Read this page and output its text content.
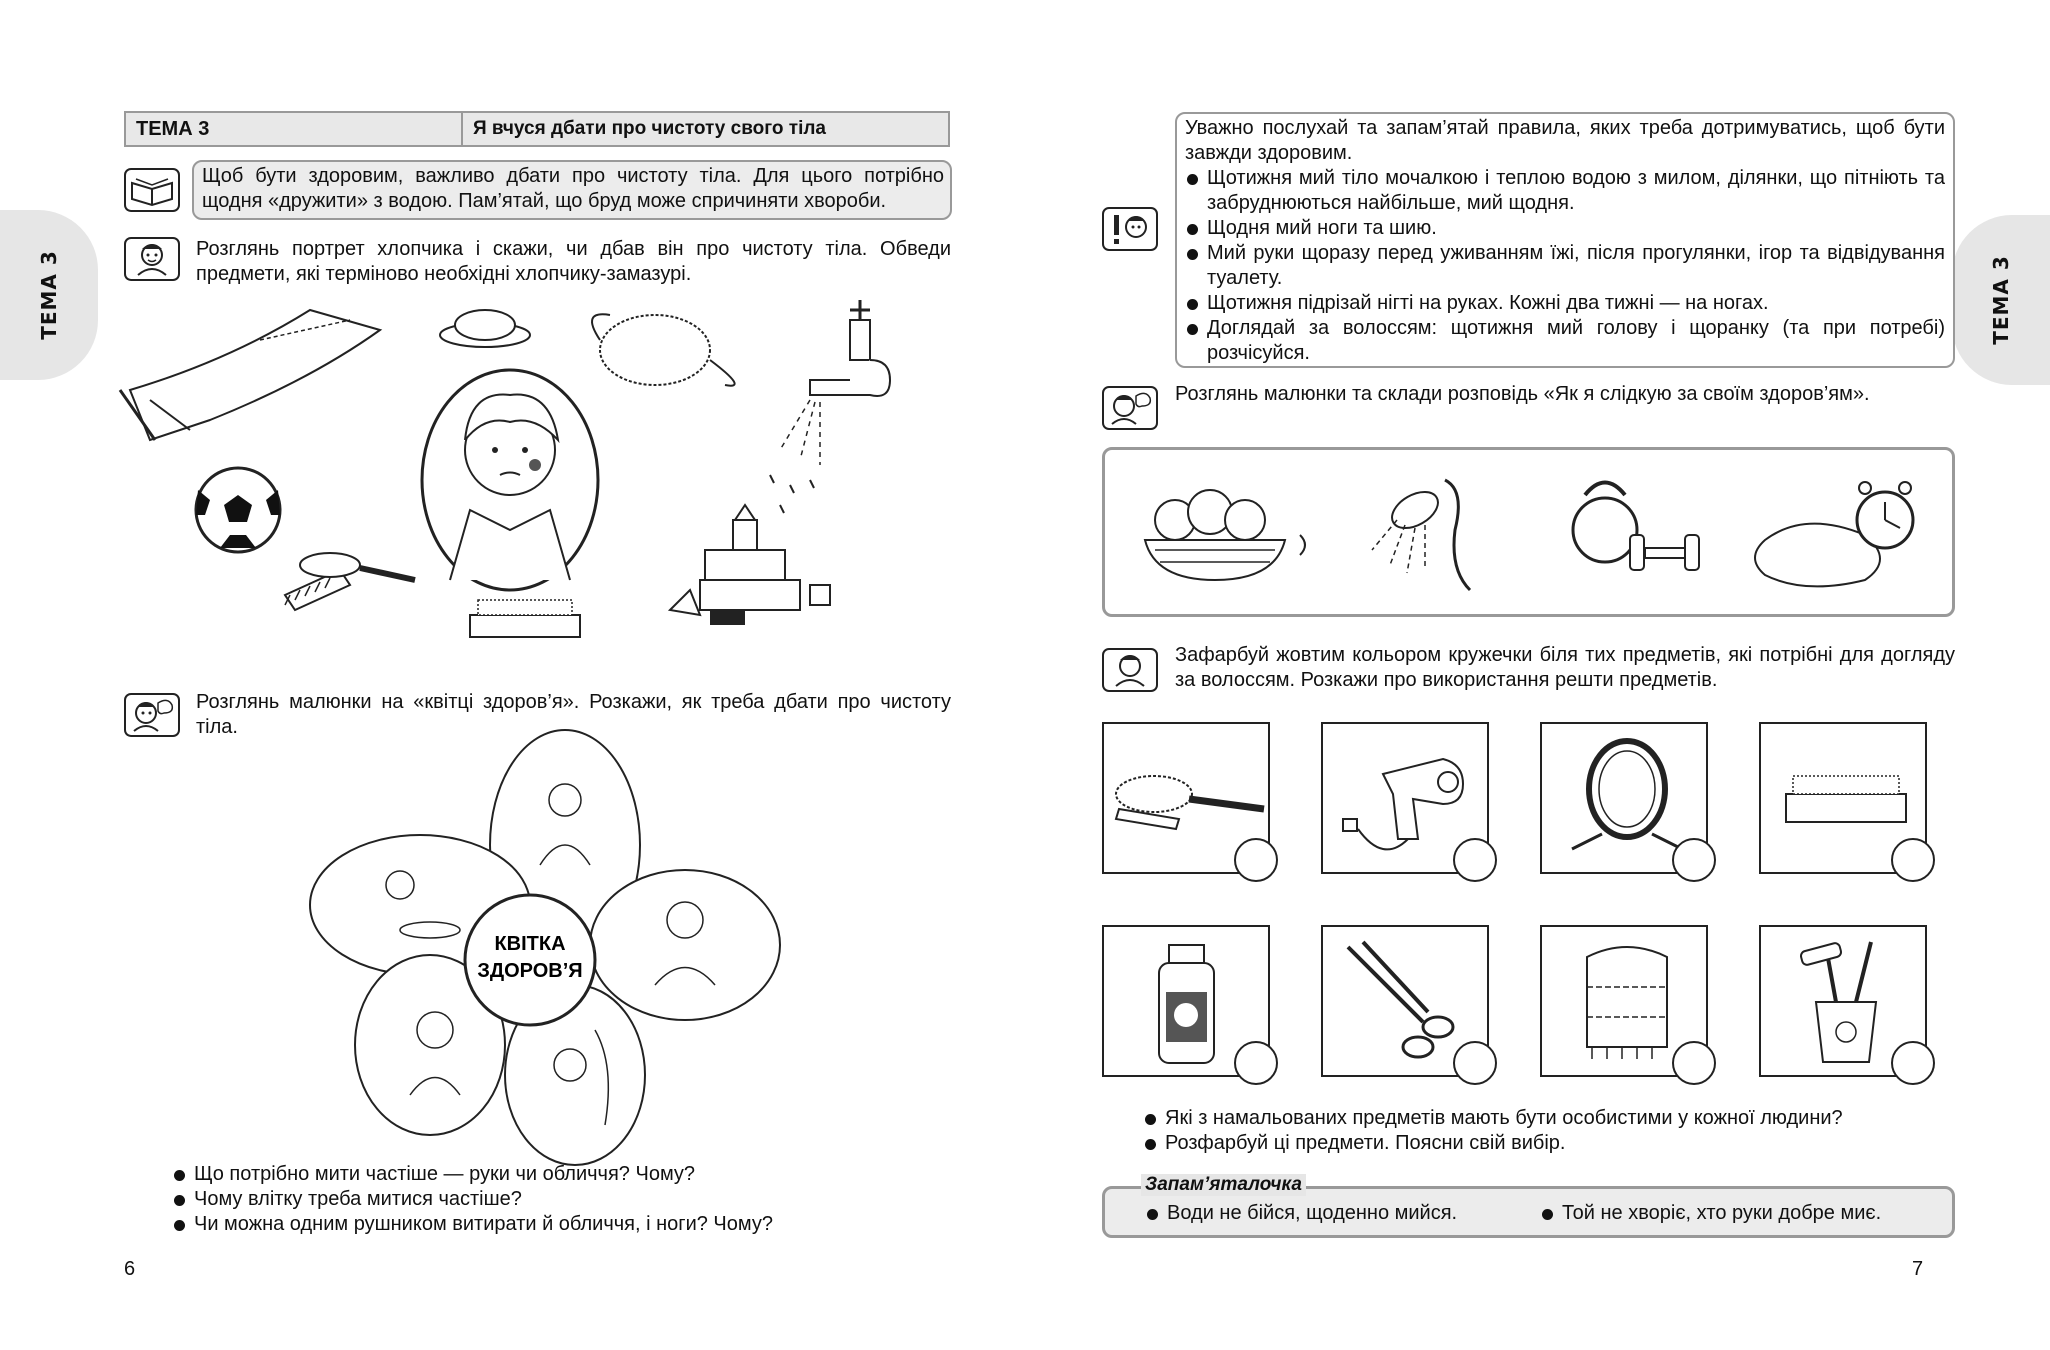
ТЕМА 3
ТЕМА 3	Я вчуся дбати про чистоту свого тіла
Щоб бути здоровим, важливо дбати про чистоту тіла. Для цього потрібно щодня «дружити» з водою. Пам’ятай, що бруд може спричиняти хвороби.
Розглянь портрет хлопчика і скажи, чи дбав він про чистоту тіла. Обведи предмети, які терміново необхідні хлопчику-замазурі.
Розглянь малюнки на «квітці здоров’я». Розкажи, як треба дбати про чистоту тіла.
КВІТКА
ЗДОРОВ’Я
Що потрібно мити частіше — руки чи обличчя? Чому?
Чому влітку треба митися частіше?
Чи можна одним рушником витирати й обличчя, і ноги? Чому?
6
ТЕМА 3
Уважно послухай та запам’ятай правила, яких треба дотримуватись, щоб бути завжди здоровим.
Щотижня мий тіло мочалкою і теплою водою з милом, ділянки, що пітніють та забруднюються найбільше, мий щодня.
Щодня мий ноги та шию.
Мий руки щоразу перед уживанням їжі, після прогулянки, ігор та відвідування туалету.
Щотижня підрізай нігті на руках. Кожні два тижні — на ногах.
Доглядай за волоссям: щотижня мий голову і щоранку (та при потребі) розчісуйся.
Розглянь малюнки та склади розповідь «Як я слідкую за своїм здоров’ям».
Зафарбуй жовтим кольором кружечки біля тих предметів, які потрібні для догляду за волоссям. Розкажи про використання решти предметів.
Які з намальованих предметів мають бути особистими у кожної людини?
Розфарбуй ці предмети. Поясни свій вибір.
Запам’яталочка
Води не бійся, щоденно мийся.	Той не хворіє, хто руки добре миє.
7
